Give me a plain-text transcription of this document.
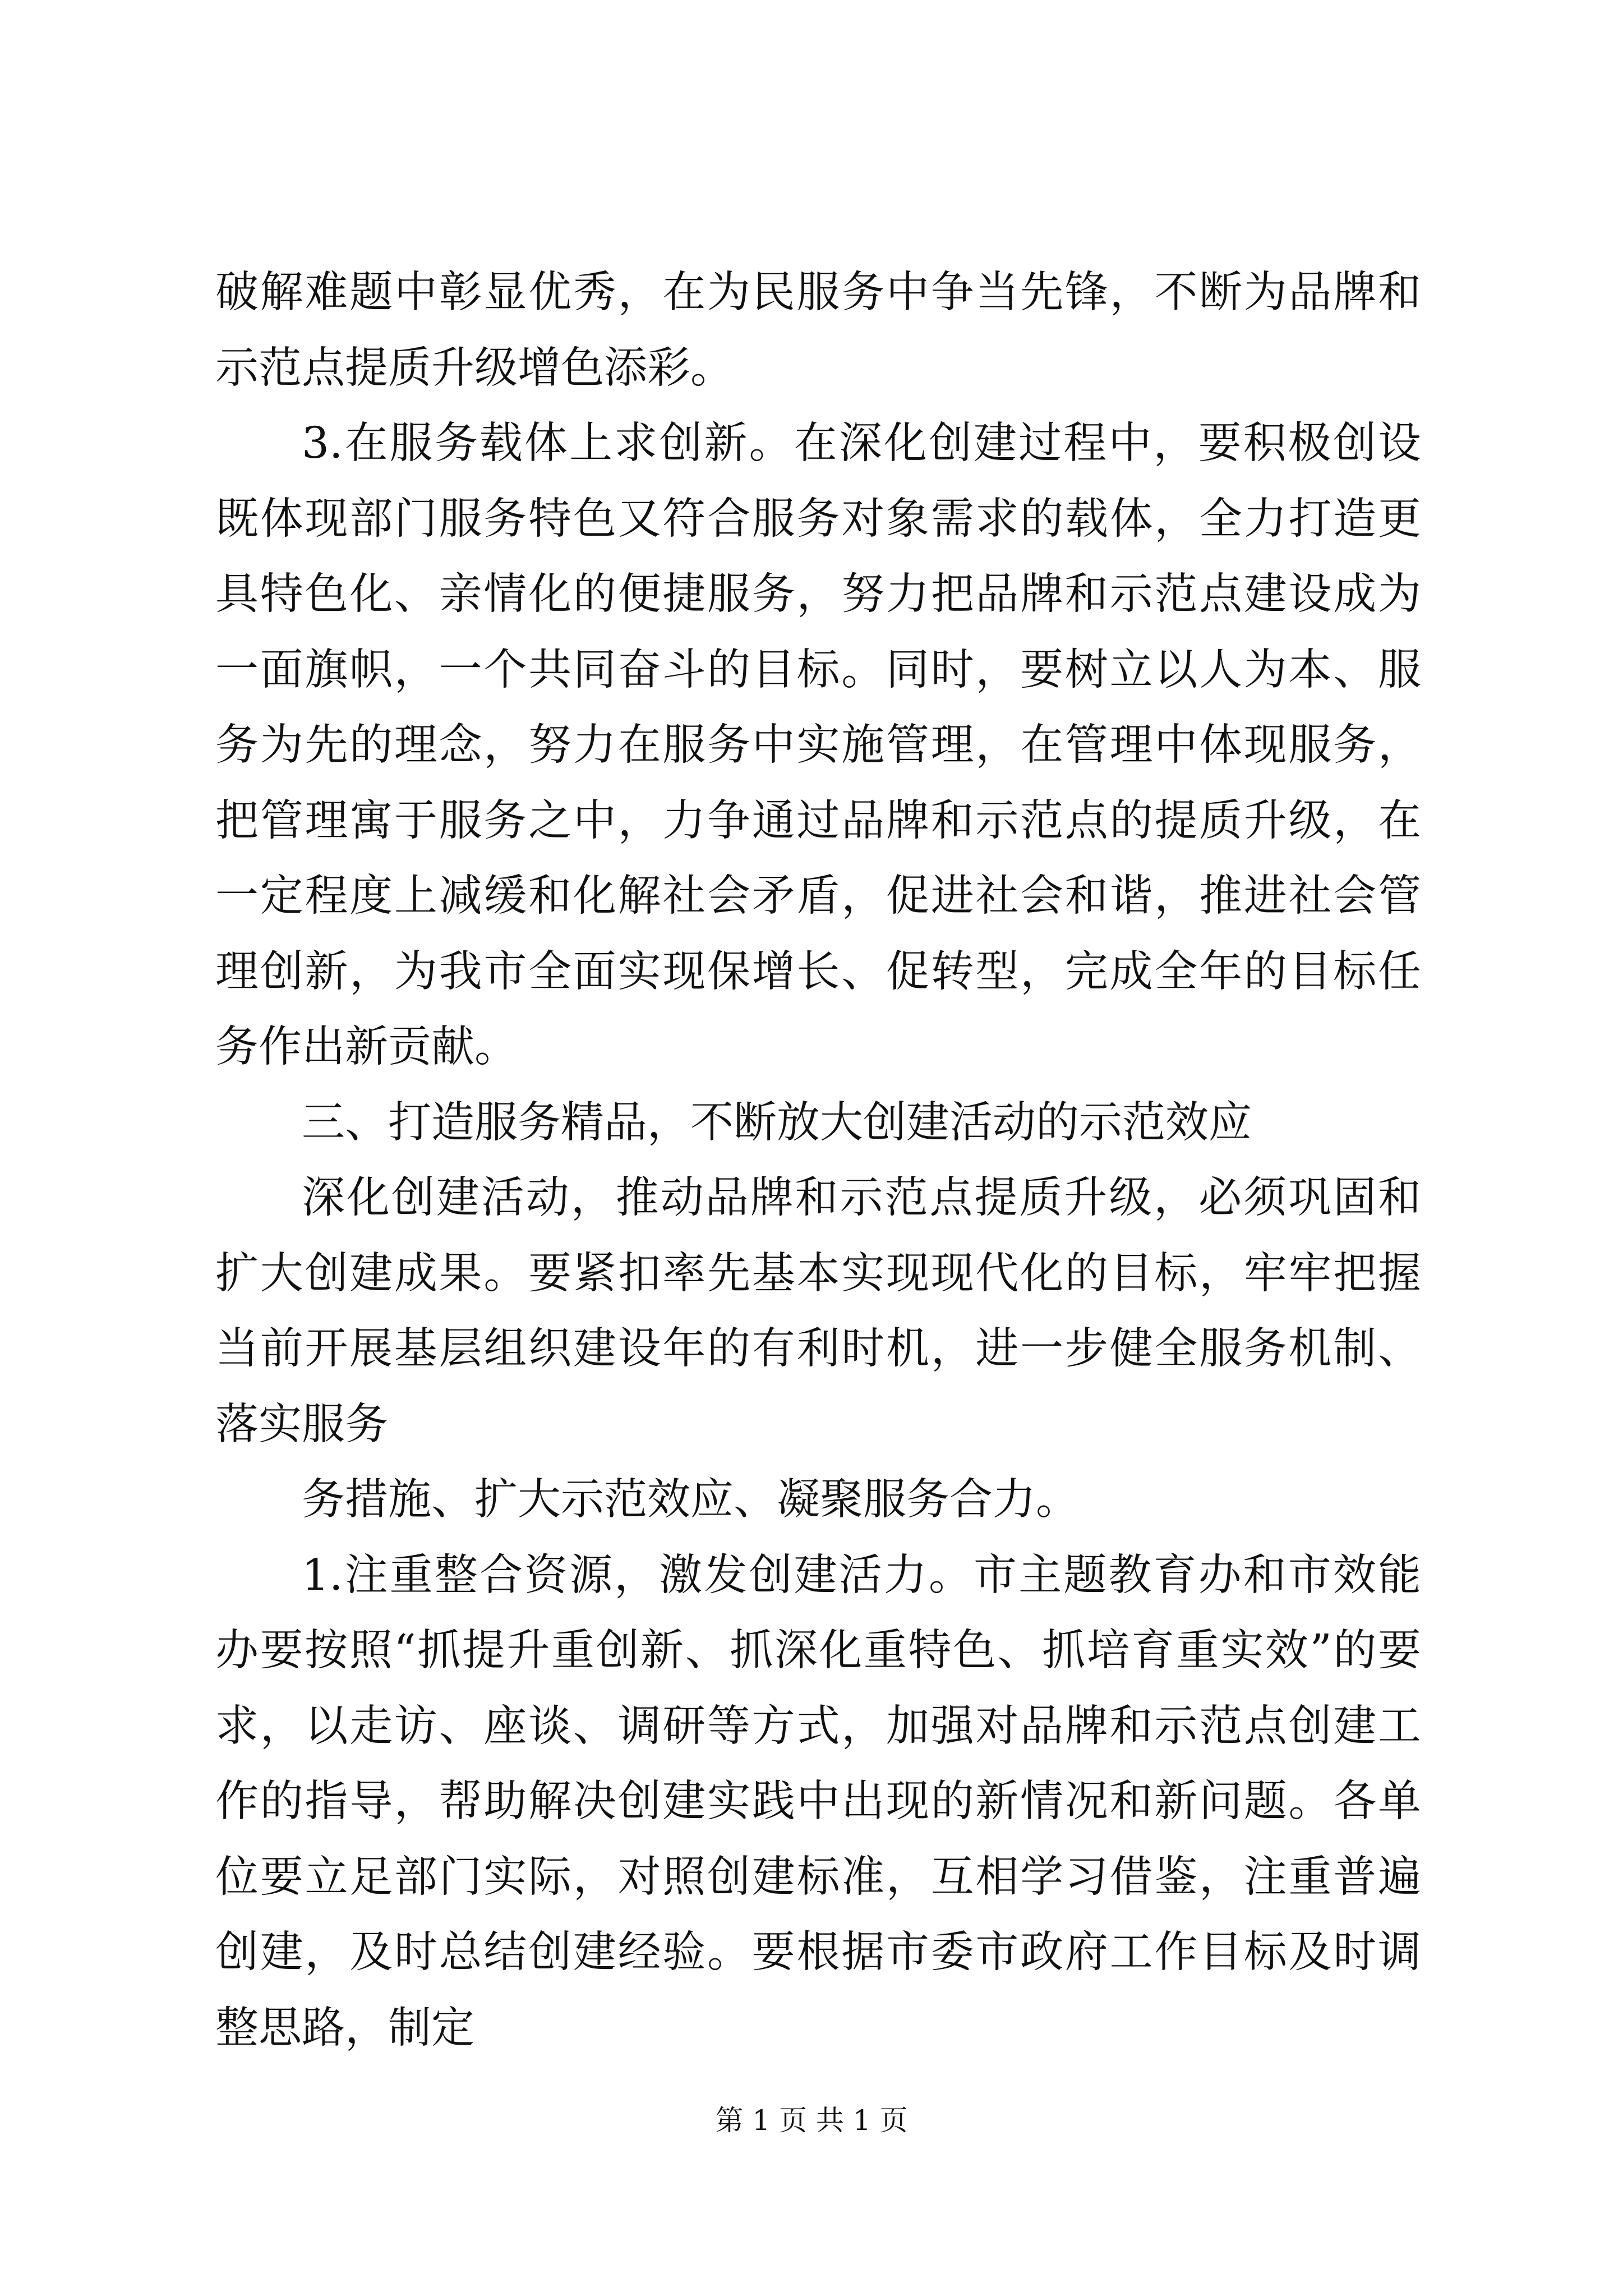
破解难题中彰显优秀，在为民服务中争当先锋，不断为品牌和示范点提质升级增色添彩。

3.在服务载体上求创新。在深化创建过程中，要积极创设既体现部门服务特色又符合服务对象需求的载体，全力打造更具特色化、亲情化的便捷服务，努力把品牌和示范点建设成为一面旗帜，一个共同奋斗的目标。同时，要树立以人为本、服务为先的理念，努力在服务中实施管理，在管理中体现服务，把管理寓于服务之中，力争通过品牌和示范点的提质升级，在一定程度上减缓和化解社会矛盾，促进社会和谐，推进社会管理创新，为我市全面实现保增长、促转型，完成全年的目标任务作出新贡献。

三、打造服务精品，不断放大创建活动的示范效应

深化创建活动，推动品牌和示范点提质升级，必须巩固和扩大创建成果。要紧扣率先基本实现现代化的目标，牢牢把握当前开展基层组织建设年的有利时机，进一步健全服务机制、落实服务

务措施、扩大示范效应、凝聚服务合力。

1.注重整合资源，激发创建活力。市主题教育办和市效能办要按照“抓提升重创新、抓深化重特色、抓培育重实效”的要求，以走访、座谈、调研等方式，加强对品牌和示范点创建工作的指导，帮助解决创建实践中出现的新情况和新问题。各单位要立足部门实际，对照创建标准，互相学习借鉴，注重普遍创建，及时总结创建经验。要根据市委市政府工作目标及时调整思路，制定

第 1 页 共 1 页
